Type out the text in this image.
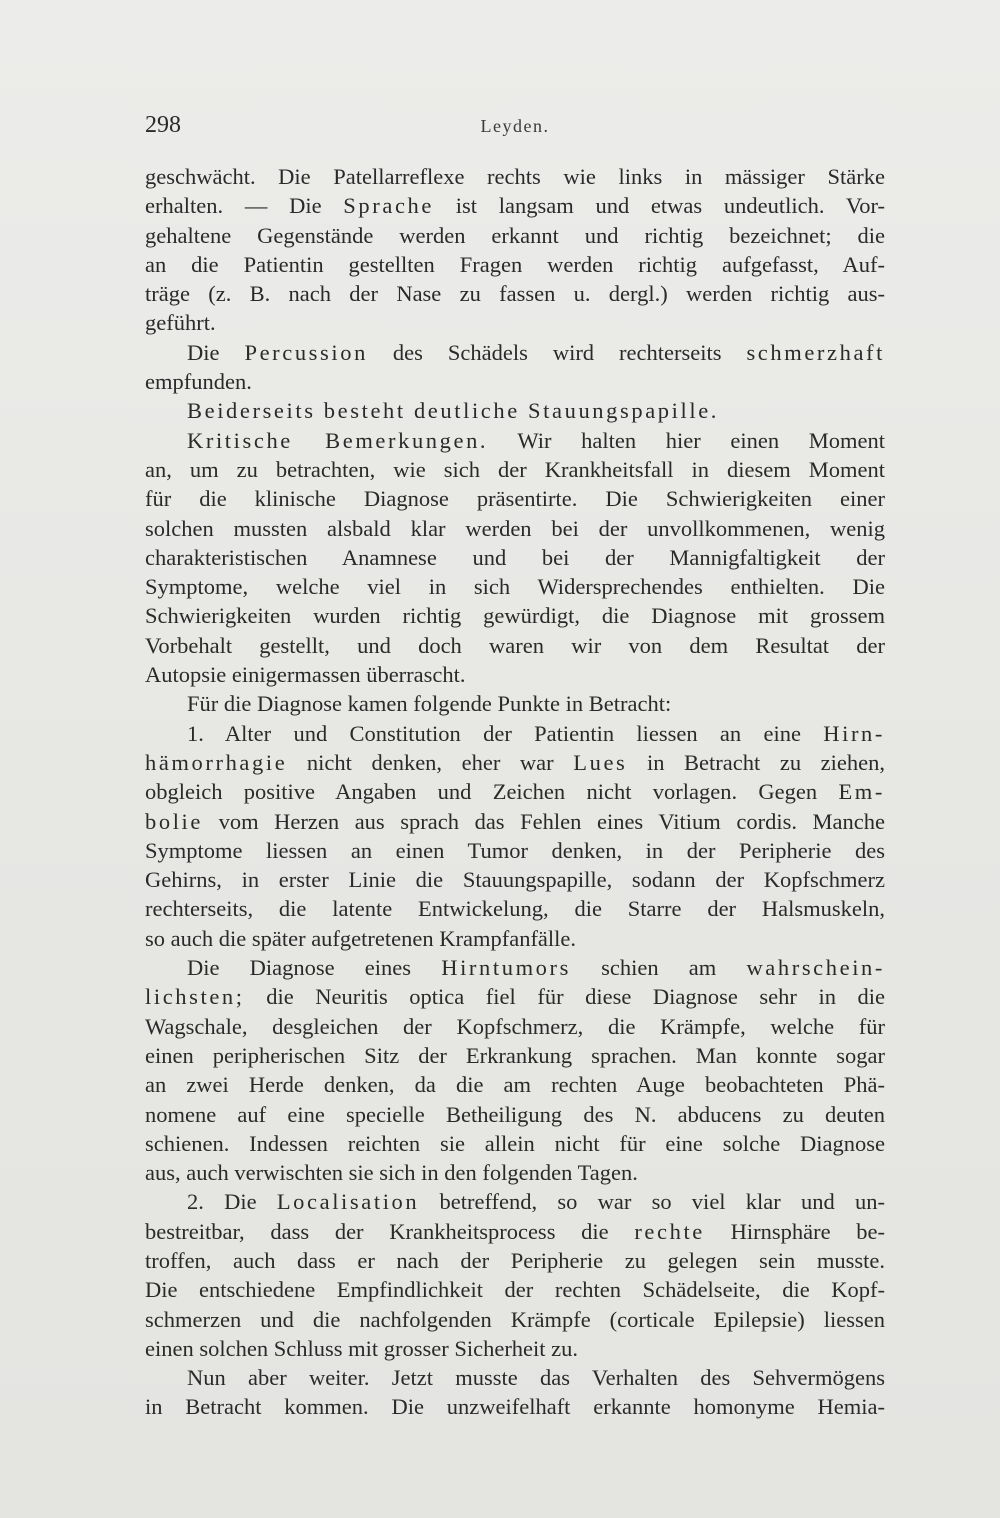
298	Leyden.
geschwächt. Die Patellarreflexe rechts wie links in mässiger Stärke
erhalten. — Die Sprache ist langsam und etwas undeutlich. Vor-
gehaltene Gegenstände werden erkannt und richtig bezeichnet; die
an die Patientin gestellten Fragen werden richtig aufgefasst, Auf-
träge (z. B. nach der Nase zu fassen u. dergl.) werden richtig aus-
geführt.
Die Percussion des Schädels wird rechterseits schmerzhaft
empfunden.
Beiderseits besteht deutliche Stauungspapille.
Kritische Bemerkungen. Wir halten hier einen Moment
an, um zu betrachten, wie sich der Krankheitsfall in diesem Moment
für die klinische Diagnose präsentirte. Die Schwierigkeiten einer
solchen mussten alsbald klar werden bei der unvollkommenen, wenig
charakteristischen Anamnese und bei der Mannigfaltigkeit der
Symptome, welche viel in sich Widersprechendes enthielten. Die
Schwierigkeiten wurden richtig gewürdigt, die Diagnose mit grossem
Vorbehalt gestellt, und doch waren wir von dem Resultat der
Autopsie einigermassen überrascht.
Für die Diagnose kamen folgende Punkte in Betracht:
1. Alter und Constitution der Patientin liessen an eine Hirn-
hämorrhagie nicht denken, eher war Lues in Betracht zu ziehen,
obgleich positive Angaben und Zeichen nicht vorlagen. Gegen Em-
bolie vom Herzen aus sprach das Fehlen eines Vitium cordis. Manche
Symptome liessen an einen Tumor denken, in der Peripherie des
Gehirns, in erster Linie die Stauungspapille, sodann der Kopfschmerz
rechterseits, die latente Entwickelung, die Starre der Halsmuskeln,
so auch die später aufgetretenen Krampfanfälle.
Die Diagnose eines Hirntumors schien am wahrschein-
lichsten; die Neuritis optica fiel für diese Diagnose sehr in die
Wagschale, desgleichen der Kopfschmerz, die Krämpfe, welche für
einen peripherischen Sitz der Erkrankung sprachen. Man konnte sogar
an zwei Herde denken, da die am rechten Auge beobachteten Phä-
nomene auf eine specielle Betheiligung des N. abducens zu deuten
schienen. Indessen reichten sie allein nicht für eine solche Diagnose
aus, auch verwischten sie sich in den folgenden Tagen.
2. Die Localisation betreffend, so war so viel klar und un-
bestreitbar, dass der Krankheitsprocess die rechte Hirnsphäre be-
troffen, auch dass er nach der Peripherie zu gelegen sein musste.
Die entschiedene Empfindlichkeit der rechten Schädelseite, die Kopf-
schmerzen und die nachfolgenden Krämpfe (corticale Epilepsie) liessen
einen solchen Schluss mit grosser Sicherheit zu.
Nun aber weiter. Jetzt musste das Verhalten des Sehvermögens
in Betracht kommen. Die unzweifelhaft erkannte homonyme Hemia-
